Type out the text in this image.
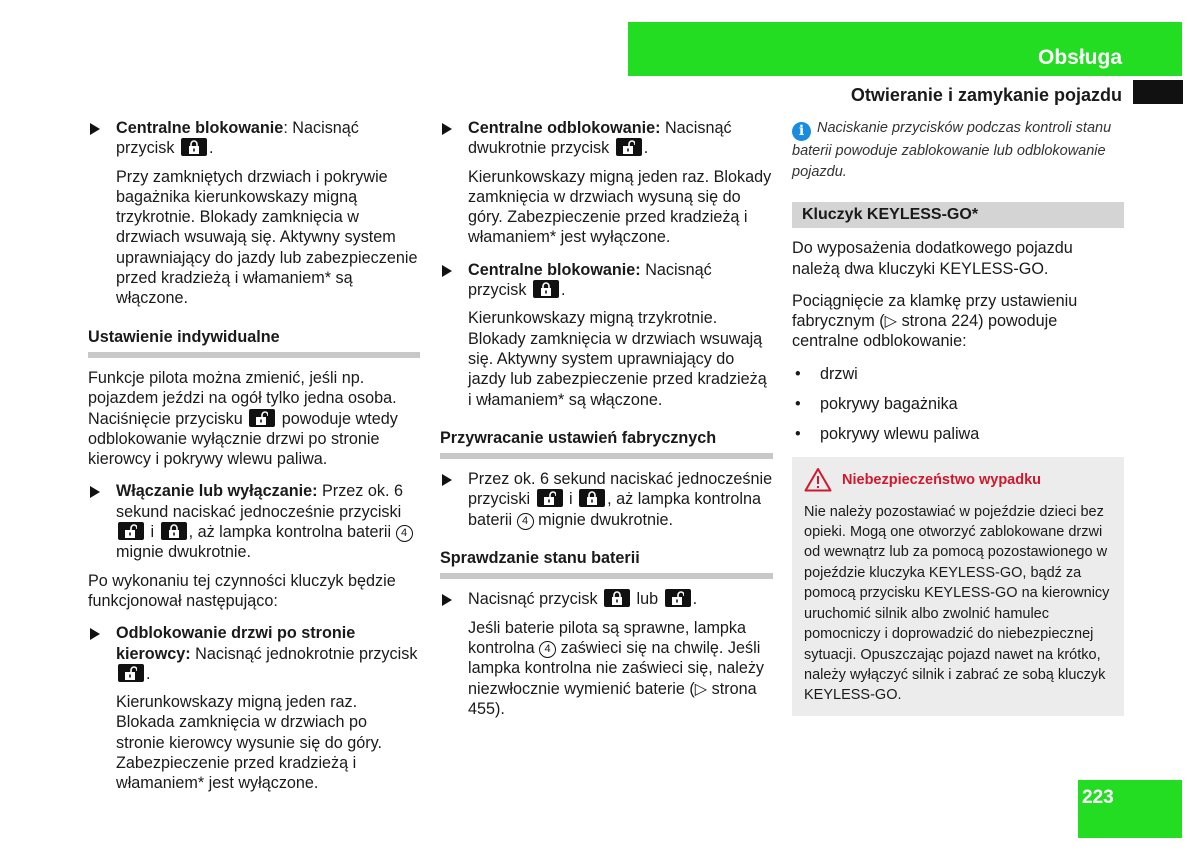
Obsługa
Otwieranie i zamykanie pojazdu
Centralne blokowanie: Nacisnąć przycisk
.
Przy zamkniętych drzwiach i pokrywie bagażnika kierunkowskazy migną trzykrotnie. Blokady zamknięcia w drzwiach wsuwają się. Aktywny system uprawniający do jazdy lub zabezpieczenie przed kradzieżą i włamaniem* są włączone.
Ustawienie indywidualne

Funkcje pilota można zmienić, jeśli np. pojazdem jeździ na ogół tylko jedna osoba. Naciśnięcie przycisku
powoduje wtedy odblokowanie wyłącznie drzwi po stronie kierowcy i pokrywy wlewu paliwa.

Włączanie lub wyłączanie: Przez ok. 6 sekund naciskać jednocześnie przyciski
i
, aż lampka kontrolna baterii 4 mignie dwukrotnie.

Po wykonaniu tej czynności kluczyk będzie funkcjonował następująco:

Odblokowanie drzwi po stronie kierowcy: Nacisnąć jednokrotnie przycisk
.
Kierunkowskazy migną jeden raz. Blokada zamknięcia w drzwiach po stronie kierowcy wysunie się do góry. Zabezpieczenie przed kradzieżą i włamaniem* jest wyłączone.
Centralne odblokowanie: Nacisnąć dwukrotnie przycisk
.
Kierunkowskazy migną jeden raz. Blokady zamknięcia w drzwiach wysuną się do góry. Zabezpieczenie przed kradzieżą i włamaniem* jest wyłączone.
Centralne blokowanie: Nacisnąć przycisk
.
Kierunkowskazy migną trzykrotnie. Blokady zamknięcia w drzwiach wsuwają się. Aktywny system uprawniający do jazdy lub zabezpieczenie przed kradzieżą i włamaniem* są włączone.
Przywracanie ustawień fabrycznych
Przez ok. 6 sekund naciskać jednocześnie przyciski
i
, aż lampka kontrolna baterii 4 mignie dwukrotnie.
Sprawdzanie stanu baterii
Nacisnąć przycisk
lub
.
Jeśli baterie pilota są sprawne, lampka kontrolna 4 zaświeci się na chwilę. Jeśli lampka kontrolna nie zaświeci się, należy niezwłocznie wymienić baterie (▷ strona 455).
i Naciskanie przycisków podczas kontroli stanu baterii powoduje zablokowanie lub odblokowanie pojazdu.
Kluczyk KEYLESS-GO*

Do wyposażenia dodatkowego pojazdu należą dwa kluczyki KEYLESS-GO.

Pociągnięcie za klamkę przy ustawieniu fabrycznym (▷ strona 224) powoduje centralne odblokowanie:

• drzwi
• pokrywy bagażnika
• pokrywy wlewu paliwa
Niebezpieczeństwo wypadku
Nie należy pozostawiać w pojeździe dzieci bez opieki. Mogą one otworzyć zablokowane drzwi od wewnątrz lub za pomocą pozostawionego w pojeździe kluczyka KEYLESS-GO, bądź za pomocą przycisku KEYLESS-GO na kierownicy uruchomić silnik albo zwolnić hamulec pomocniczy i doprowadzić do niebezpiecznej sytuacji. Opuszczając pojazd nawet na krótko, należy wyłączyć silnik i zabrać ze sobą kluczyk KEYLESS-GO.
223
